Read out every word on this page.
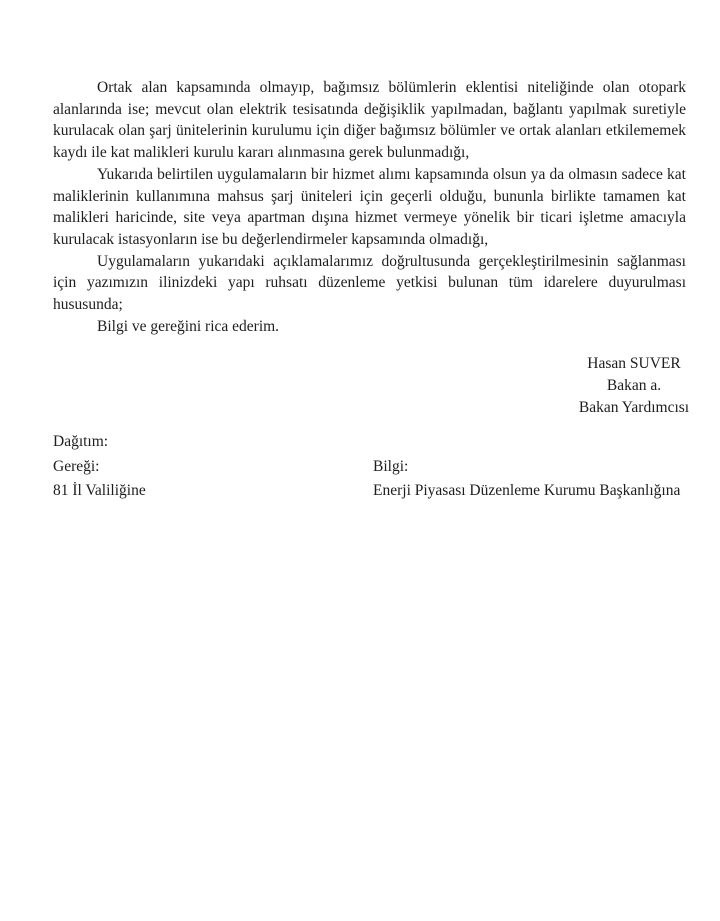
Ortak alan kapsamında olmayıp, bağımsız bölümlerin eklentisi niteliğinde olan otopark alanlarında ise; mevcut olan elektrik tesisatında değişiklik yapılmadan, bağlantı yapılmak suretiyle kurulacak olan şarj ünitelerinin kurulumu için diğer bağımsız bölümler ve ortak alanları etkilememek kaydı ile kat malikleri kurulu kararı alınmasına gerek bulunmadığı,

Yukarıda belirtilen uygulamaların bir hizmet alımı kapsamında olsun ya da olmasın sadece kat maliklerinin kullanımına mahsus şarj üniteleri için geçerli olduğu, bununla birlikte tamamen kat malikleri haricinde, site veya apartman dışına hizmet vermeye yönelik bir ticari işletme amacıyla kurulacak istasyonların ise bu değerlendirmeler kapsamında olmadığı,

Uygulamaların yukarıdaki açıklamalarımız doğrultusunda gerçekleştirilmesinin sağlanması için yazımızın ilinizdeki yapı ruhsatı düzenleme yetkisi bulunan tüm idarelere duyurulması hususunda;

Bilgi ve gereğini rica ederim.

Hasan SUVER
Bakan a.
Bakan Yardımcısı
Dağıtım:
Gereği:	Bilgi:
81 İl Valiliğine	Enerji Piyasası Düzenleme Kurumu Başkanlığına
